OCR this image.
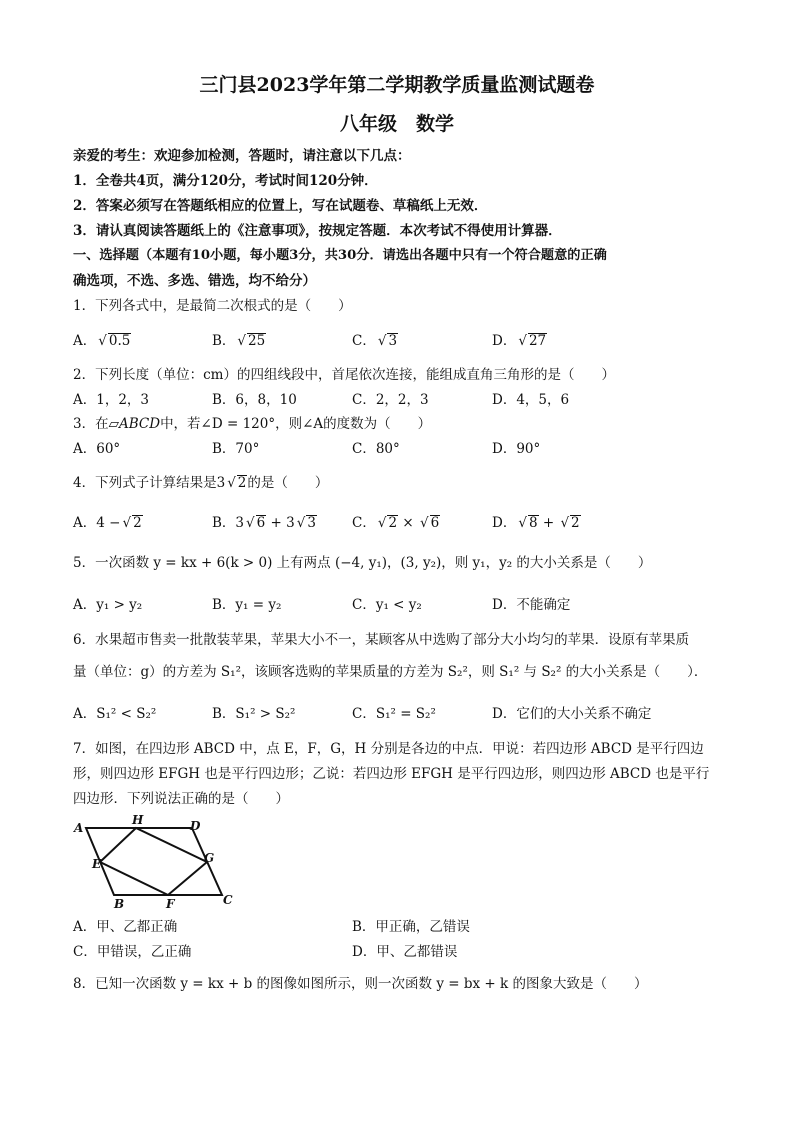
三门县2023学年第二学期教学质量监测试题卷
八年级　数学
亲爱的考生：欢迎参加检测，答题时，请注意以下几点：
1．全卷共4页，满分120分，考试时间120分钟．
2．答案必须写在答题纸相应的位置上，写在试题卷、草稿纸上无效．
3．请认真阅读答题纸上的《注意事项》，按规定答题．本次考试不得使用计算器．
一、选择题（本题有10小题，每小题3分，共30分．请选出各题中只有一个符合题意的正确
确选项，不选、多选、错选，均不给分）
1．下列各式中，是最简二次根式的是（　　）
A． √ 0.5	B． √ 25	C． √ 3	D． √ 27
2．下列长度（单位：cm）的四组线段中，首尾依次连接，能组成直角三角形的是（　　）
A．1，2，3	B．6，8，10	C．2，2，3	D．4，5，6
3．在▱ABCD中，若∠D = 120°，则∠A的度数为（　　）
A．60°	B．70°	C．80°	D．90°
4．下列式子计算结果是3 √ 2的是（　　）
A．4 − √ 2	B．3 √ 6 + 3 √ 3	C． √ 2 × √ 6	D． √ 8 + √ 2
5．一次函数 y = kx + 6(k > 0) 上有两点 (−4, y₁)，(3, y₂)，则 y₁，y₂ 的大小关系是（　　）
A．y₁ > y₂	B．y₁ = y₂	C．y₁ < y₂	D．不能确定
6．水果超市售卖一批散装苹果，苹果大小不一，某顾客从中选购了部分大小均匀的苹果．设原有苹果质
量（单位：g）的方差为 S₁²，该顾客选购的苹果质量的方差为 S₂²，则 S₁² 与 S₂² 的大小关系是（　　）．
A．S₁² < S₂²	B．S₁² > S₂²	C．S₁² = S₂²	D．它们的大小关系不确定
7．如图，在四边形 ABCD 中，点 E，F，G，H 分别是各边的中点．甲说：若四边形 ABCD 是平行四边
形，则四边形 EFGH 也是平行四边形；乙说：若四边形 EFGH 是平行四边形，则四边形 ABCD 也是平行
四边形．下列说法正确的是（　　）
A
H	D
E	G
B	F	C
A．甲、乙都正确	B．甲正确，乙错误
C．甲错误，乙正确	D．甲、乙都错误
8．已知一次函数 y = kx + b 的图像如图所示，则一次函数 y = bx + k 的图象大致是（　　）
